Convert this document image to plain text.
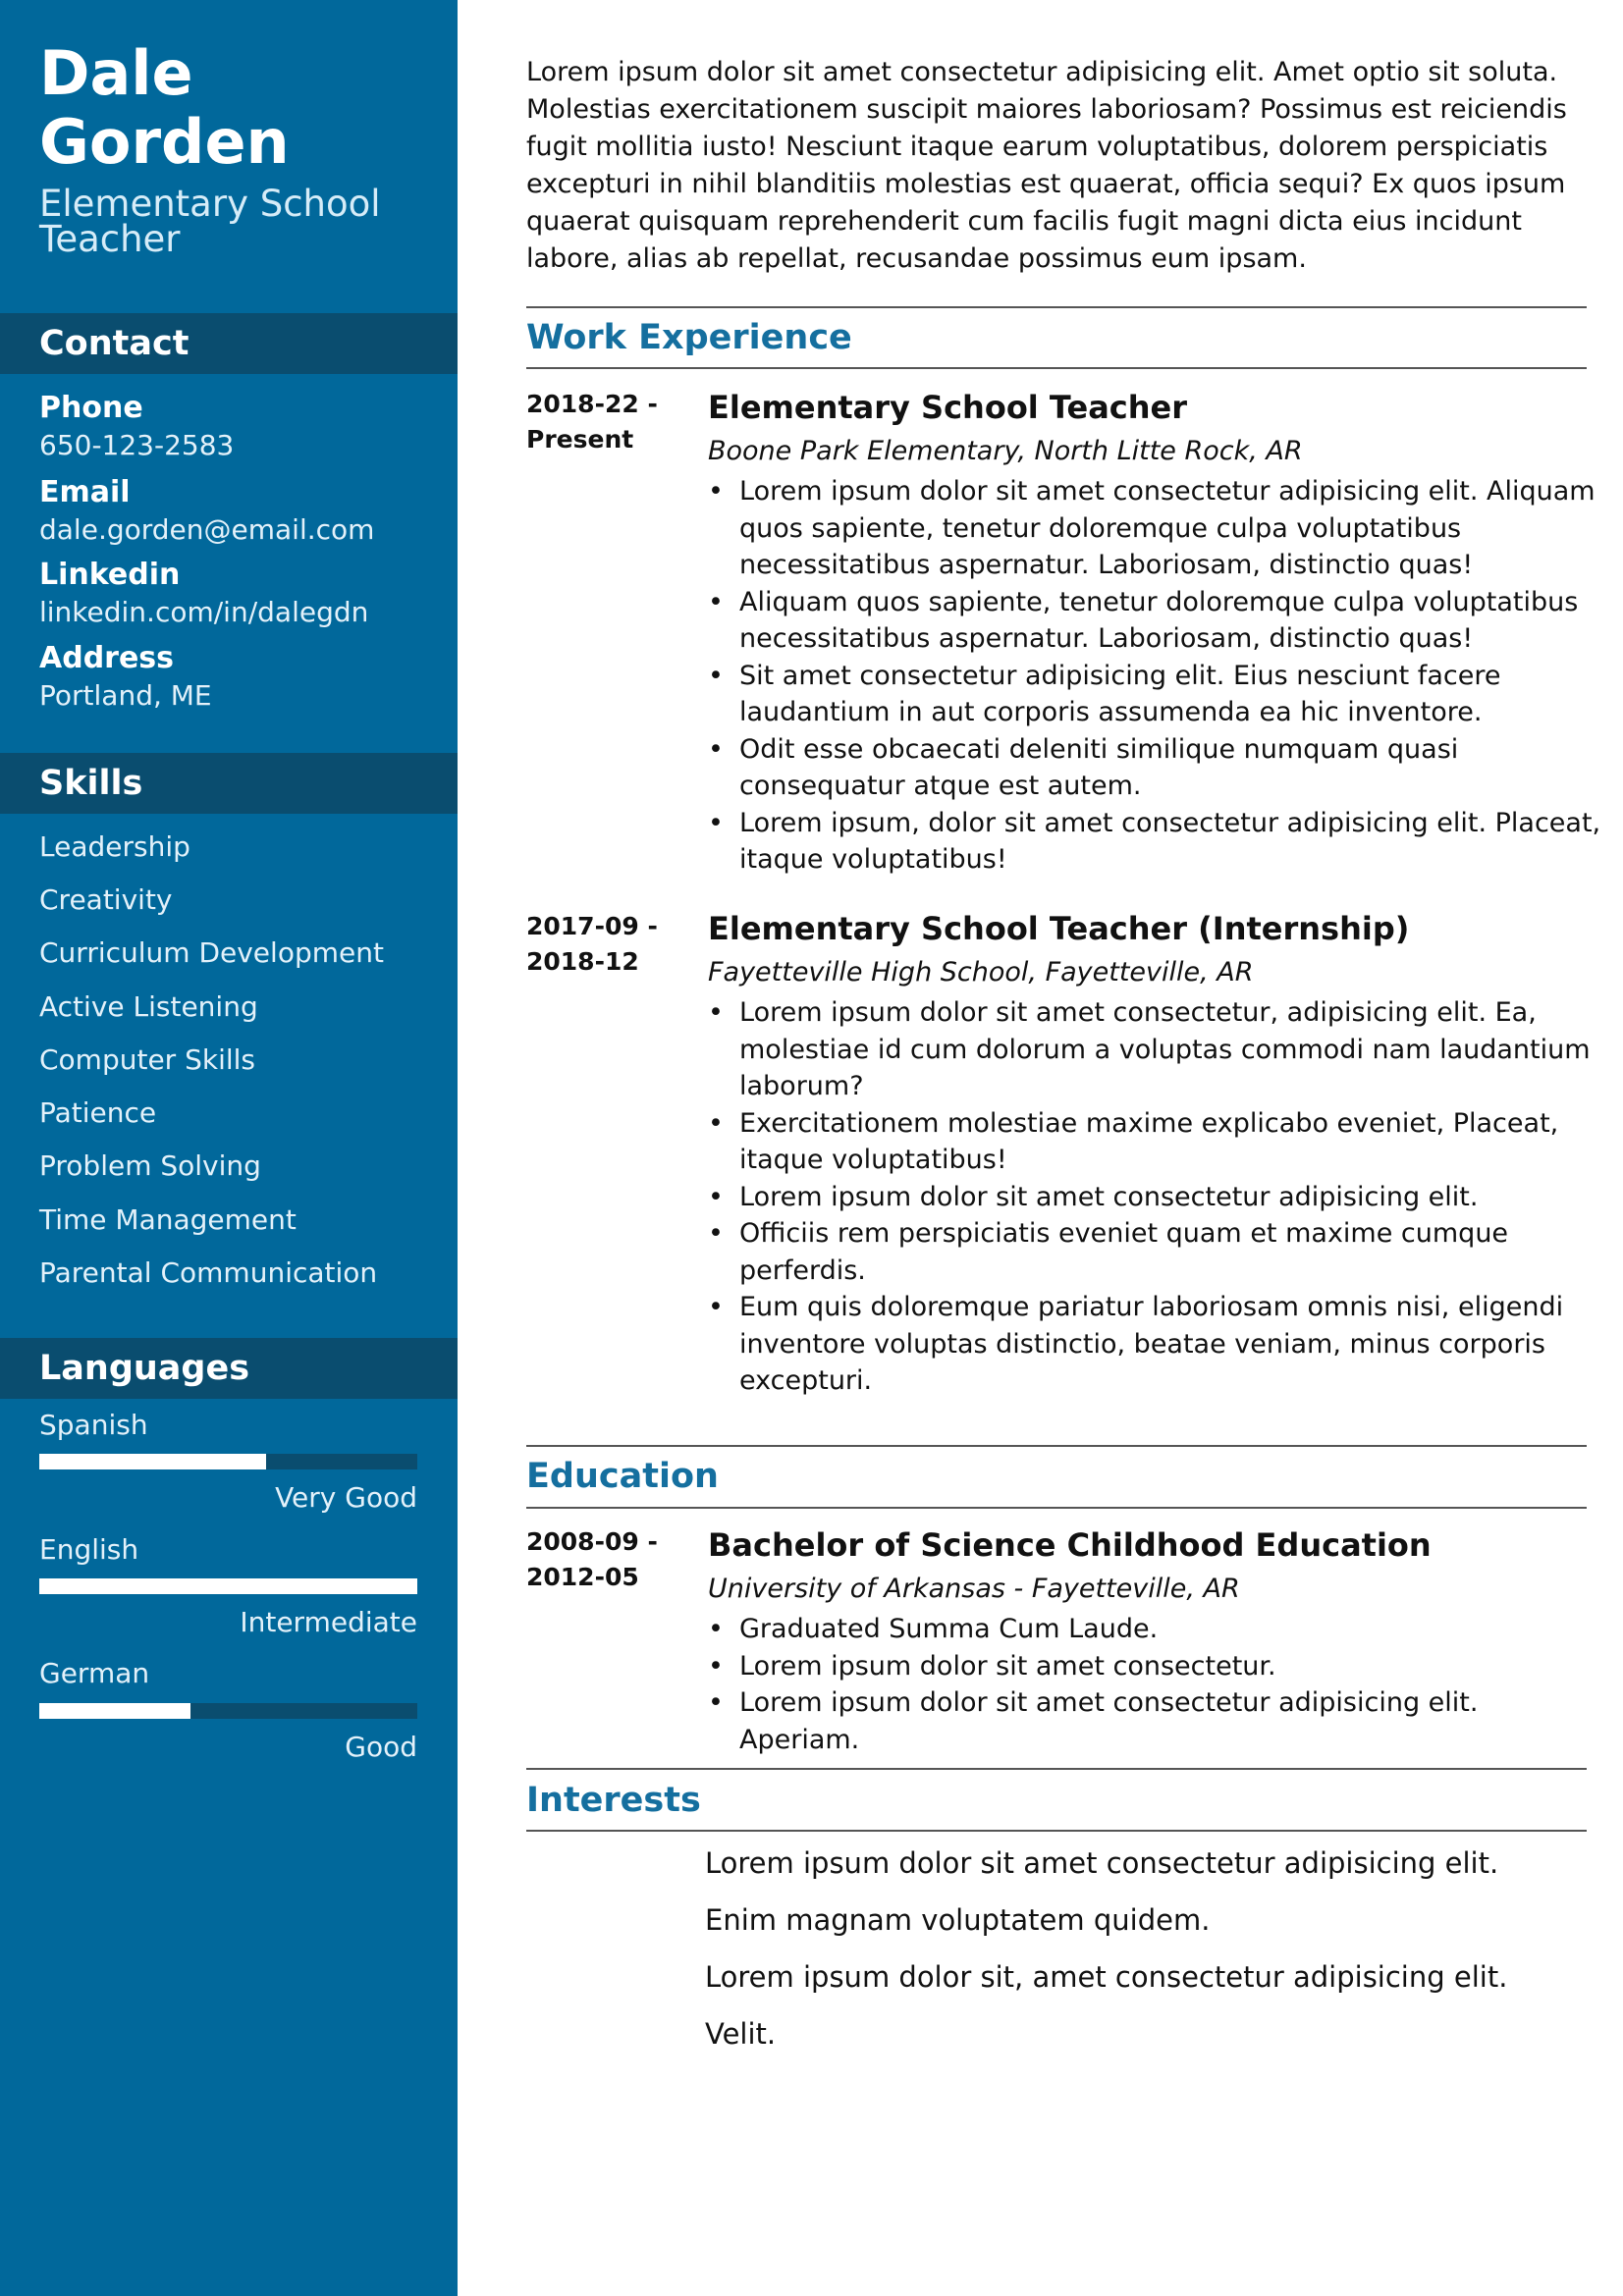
Dale
Gorden
Elementary School
Teacher
Contact
Phone
650-123-2583
Email
dale.gorden@email.com
Linkedin
linkedin.com/in/dalegdn
Address
Portland, ME
Skills
Leadership
Creativity
Curriculum Development
Active Listening
Computer Skills
Patience
Problem Solving
Time Management
Parental Communication
Languages
Spanish
Very Good
English
Intermediate
German
Good
Lorem ipsum dolor sit amet consectetur adipisicing elit. Amet optio sit soluta. Molestias exercitationem suscipit maiores laboriosam? Possimus est reiciendis fugit mollitia iusto! Nesciunt itaque earum voluptatibus, dolorem perspiciatis excepturi in nihil blanditiis molestias est quaerat, officia sequi? Ex quos ipsum quaerat quisquam reprehenderit cum facilis fugit magni dicta eius incidunt labore, alias ab repellat, recusandae possimus eum ipsam.
Work Experience
2018-22 -
Present
Elementary School Teacher
Boone Park Elementary, North Litte Rock, AR
• Lorem ipsum dolor sit amet consectetur adipisicing elit. Aliquam quos sapiente, tenetur doloremque culpa voluptatibus necessitatibus aspernatur. Laboriosam, distinctio quas!
• Aliquam quos sapiente, tenetur doloremque culpa voluptatibus necessitatibus aspernatur. Laboriosam, distinctio quas!
• Sit amet consectetur adipisicing elit. Eius nesciunt facere laudantium in aut corporis assumenda ea hic inventore.
• Odit esse obcaecati deleniti similique numquam quasi consequatur atque est autem.
• Lorem ipsum, dolor sit amet consectetur adipisicing elit. Placeat, itaque voluptatibus!
2017-09 -
2018-12
Elementary School Teacher (Internship)
Fayetteville High School, Fayetteville, AR
• Lorem ipsum dolor sit amet consectetur, adipisicing elit. Ea, molestiae id cum dolorum a voluptas commodi nam laudantium laborum?
• Exercitationem molestiae maxime explicabo eveniet, Placeat, itaque voluptatibus!
• Lorem ipsum dolor sit amet consectetur adipisicing elit.
• Officiis rem perspiciatis eveniet quam et maxime cumque perferdis.
• Eum quis doloremque pariatur laboriosam omnis nisi, eligendi inventore voluptas distinctio, beatae veniam, minus corporis excepturi.
Education
2008-09 -
2012-05
Bachelor of Science Childhood Education
University of Arkansas - Fayetteville, AR
• Graduated Summa Cum Laude.
• Lorem ipsum dolor sit amet consectetur.
• Lorem ipsum dolor sit amet consectetur adipisicing elit. Aperiam.
Interests
Lorem ipsum dolor sit amet consectetur adipisicing elit. Enim magnam voluptatem quidem.
Lorem ipsum dolor sit, amet consectetur adipisicing elit. Velit.
